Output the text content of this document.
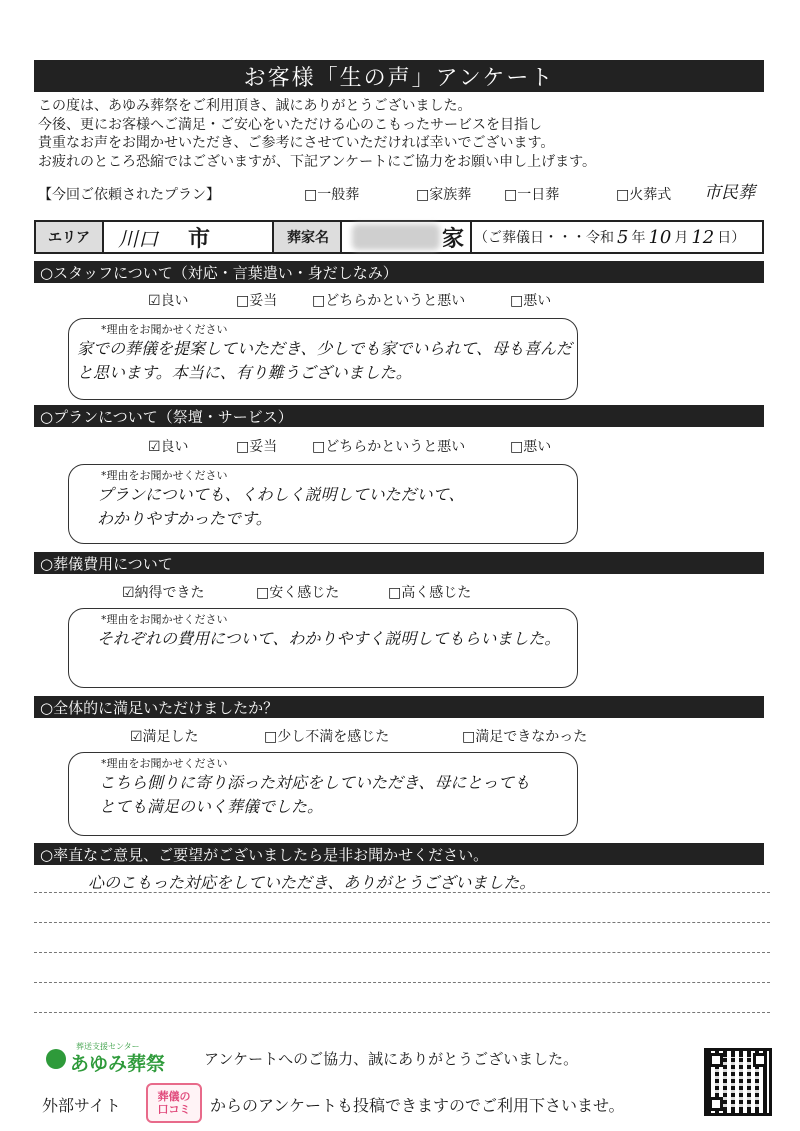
お客様「生の声」アンケート
この度は、あゆみ葬祭をご利用頂き、誠にありがとうございました。
今後、更にお客様へご満足・ご安心をいただける心のこもったサービスを目指し
貴重なお声をお聞かせいただき、ご参考にさせていただければ幸いでございます。
お疲れのところ恐縮ではございますが、下記アンケートにご協力をお願い申し上げます。
【今回ご依頼されたプラン】	□一般葬	□家族葬 □一日葬	□火葬式 市民葬
エリア	川口 市	葬家名	家 （ご葬儀日・・・令和 5 年 10 月 12 日）
○スタッフについて（対応・言葉遣い・身だしなみ）
☑良い	□妥当 □どちらかというと悪い	□悪い
*理由をお聞かせください
家での葬儀を提案していただき、少しでも家でいられて、母も喜んだ
と思います。本当に、有り難うございました。
○プランについて（祭壇・サービス）
☑良い	□妥当 □どちらかというと悪い	□悪い
*理由をお聞かせください
プランについても、くわしく説明していただいて、
わかりやすかったです。
○葬儀費用について
☑納得できた	□安く感じた	□高く感じた
*理由をお聞かせください
それぞれの費用について、わかりやすく説明してもらいました。
○全体的に満足いただけましたか？
☑満足した	□少し不満を感じた	□満足できなかった
*理由をお聞かせください
こちら側りに寄り添った対応をしていただき、母にとっても
とても満足のいく葬儀でした。
○率直なご意見、ご要望がございましたら是非お聞かせください。
心のこもった対応をしていただき、ありがとうございました。
葬送支援センター
あゆみ葬祭	アンケートへのご協力、誠にありがとうございました。
外部サイト	葬儀の
口コミ からのアンケートも投稿できますのでご利用下さいませ。
